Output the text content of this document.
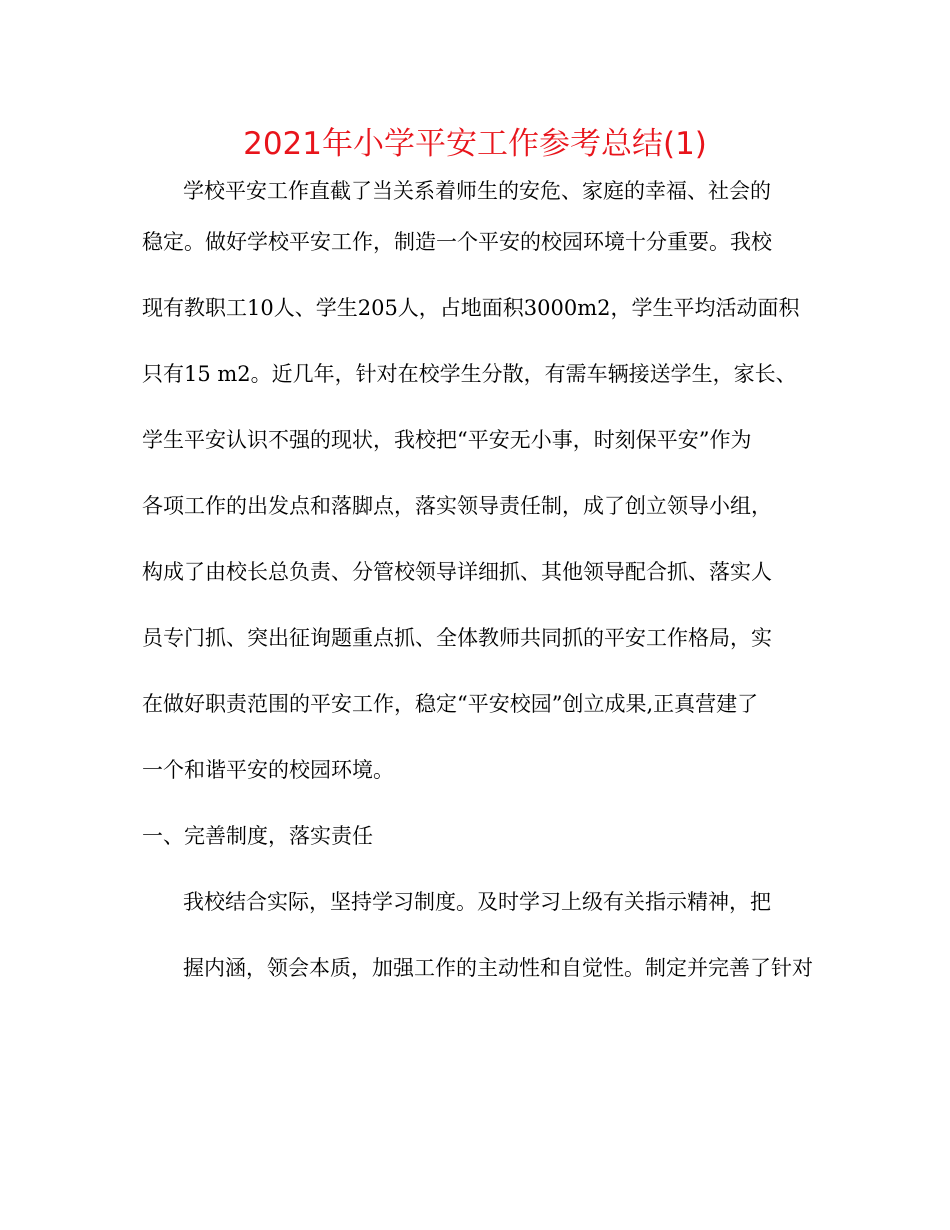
2021年小学平安工作参考总结(1)
学校平安工作直截了当关系着师生的安危、家庭的幸福、社会的
稳定。做好学校平安工作，制造一个平安的校园环境十分重要。我校
现有教职工10人、学生205人，占地面积3000m2，学生平均活动面积
只有15 m2。近几年，针对在校学生分散，有需车辆接送学生，家长、
学生平安认识不强的现状，我校把“平安无小事，时刻保平安”作为
各项工作的出发点和落脚点，落实领导责任制，成了创立领导小组，
构成了由校长总负责、分管校领导详细抓、其他领导配合抓、落实人
员专门抓、突出征询题重点抓、全体教师共同抓的平安工作格局，实
在做好职责范围的平安工作，稳定“平安校园”创立成果,正真营建了
一个和谐平安的校园环境。
一、完善制度，落实责任
我校结合实际，坚持学习制度。及时学习上级有关指示精神，把
握内涵，领会本质，加强工作的主动性和自觉性。制定并完善了针对
